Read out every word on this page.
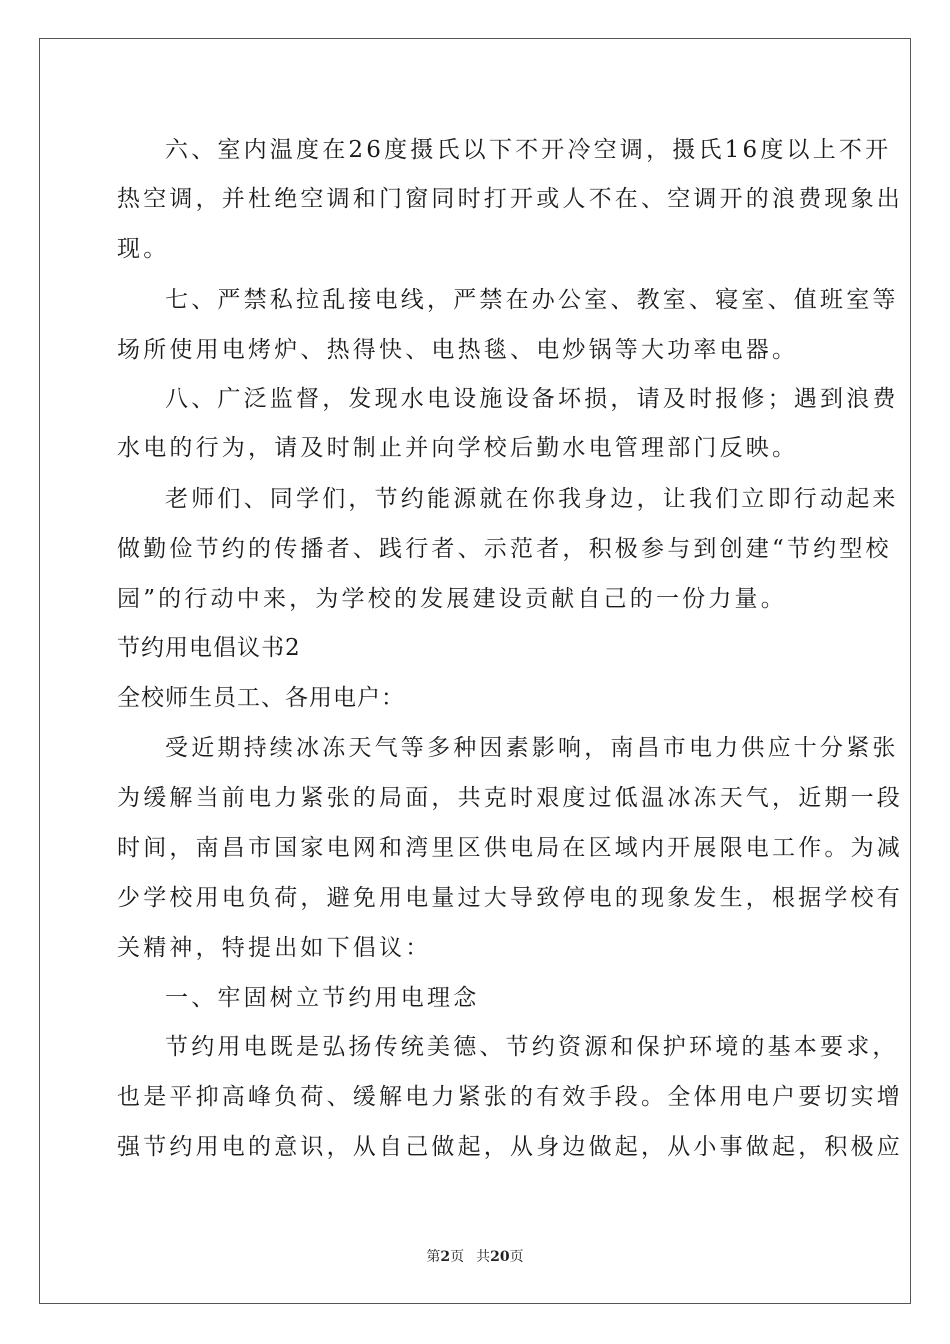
六、室内温度在26度摄氏以下不开冷空调，摄氏16度以上不开
热空调，并杜绝空调和门窗同时打开或人不在、空调开的浪费现象出
现。
七、严禁私拉乱接电线，严禁在办公室、教室、寝室、值班室等
场所使用电烤炉、热得快、电热毯、电炒锅等大功率电器。
八、广泛监督，发现水电设施设备坏损，请及时报修；遇到浪费
水电的行为，请及时制止并向学校后勤水电管理部门反映。
老师们、同学们，节约能源就在你我身边，让我们立即行动起来
做勤俭节约的传播者、践行者、示范者，积极参与到创建“节约型校
园”的行动中来，为学校的发展建设贡献自己的一份力量。
节约用电倡议书2
全校师生员工、各用电户：
受近期持续冰冻天气等多种因素影响，南昌市电力供应十分紧张
为缓解当前电力紧张的局面，共克时艰度过低温冰冻天气，近期一段
时间，南昌市国家电网和湾里区供电局在区域内开展限电工作。为减
少学校用电负荷，避免用电量过大导致停电的现象发生，根据学校有
关精神，特提出如下倡议：
一、牢固树立节约用电理念
节约用电既是弘扬传统美德、节约资源和保护环境的基本要求，
也是平抑高峰负荷、缓解电力紧张的有效手段。全体用电户要切实增
强节约用电的意识，从自己做起，从身边做起，从小事做起，积极应
第2页 共20页
